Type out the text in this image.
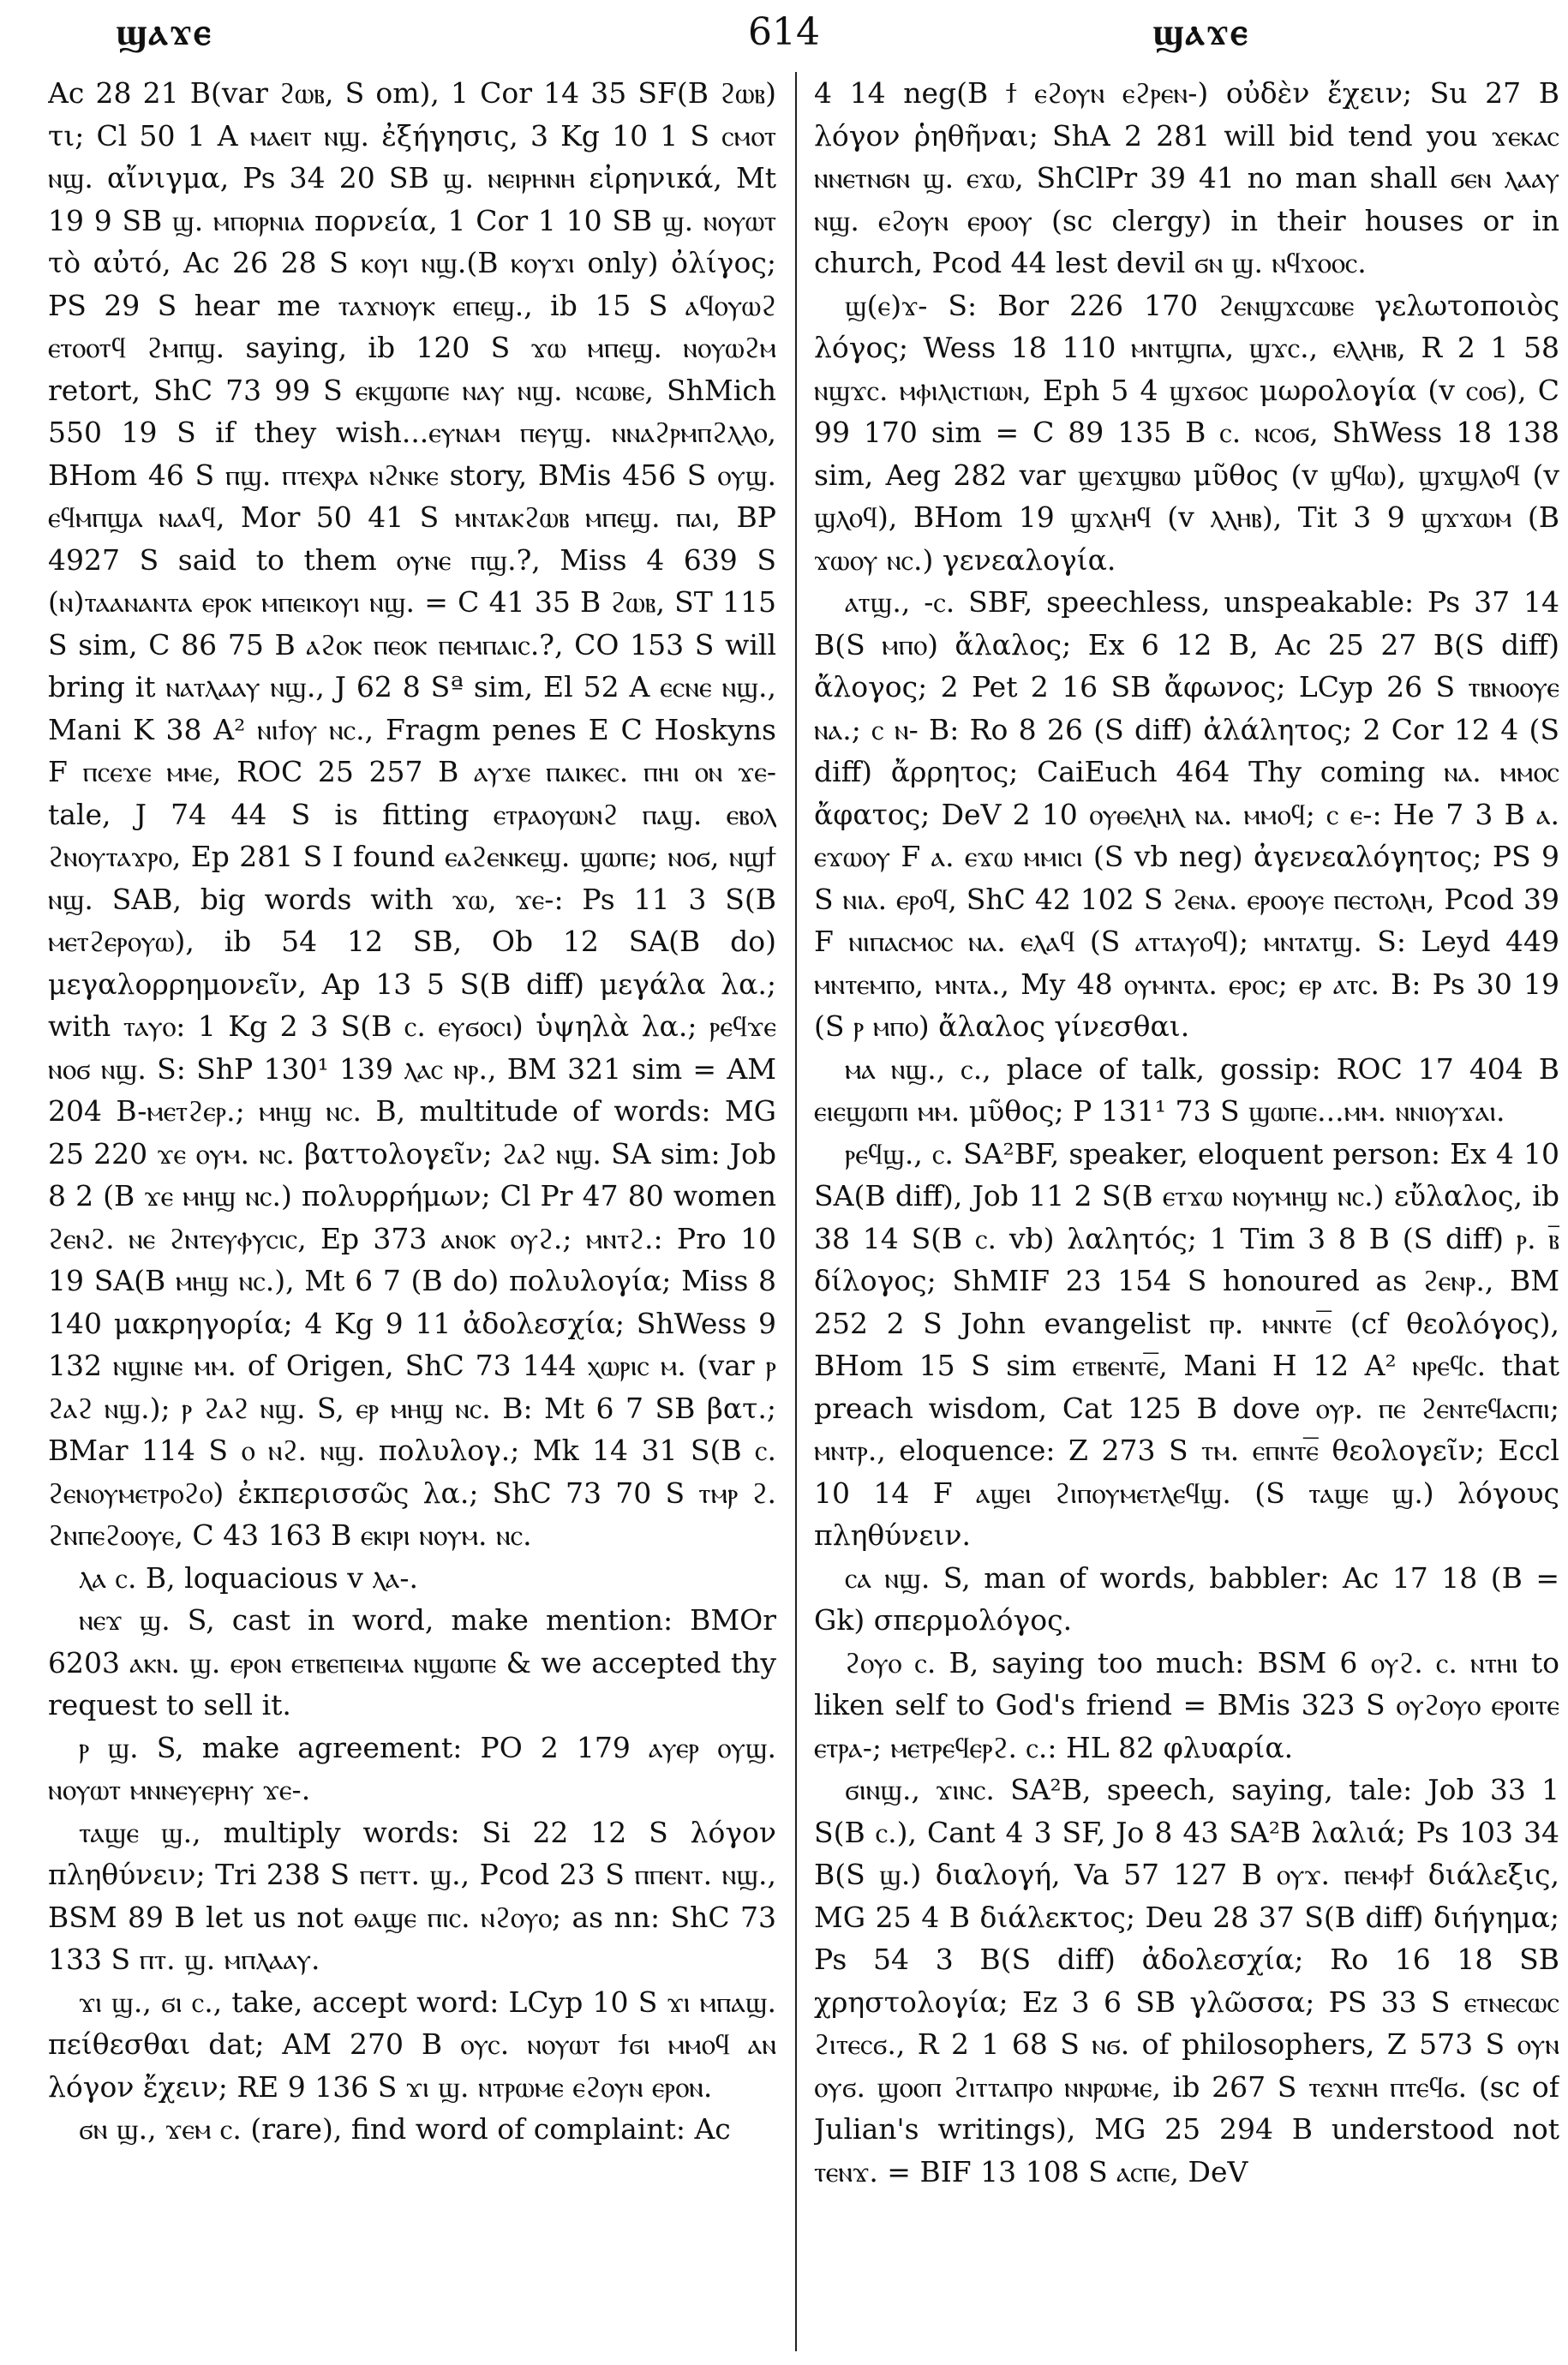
ϣⲁϫⲉ	614	ϣⲁϫⲉ

Ac 28 21 B(var ϩⲱⲃ, S om), 1 Cor 14 35 SF(B ϩⲱⲃ) τι; Cl 50 1 A ⲙⲁⲉⲓⲧ ⲛϣ. ἐξήγησις, 3 Kg 10 1 S ⲥⲙⲟⲧ ⲛϣ. αἴνιγμα, Ps 34 20 SB ϣ. ⲛⲉⲓⲣⲏⲛⲏ εἰρηνικά, Mt 19 9 SB ϣ. ⲙⲡⲟⲣⲛⲓⲁ πορνεία, 1 Cor 1 10 SB ϣ. ⲛⲟⲩⲱⲧ τὸ αὐτό, Ac 26 28 S ⲕⲟⲩⲓ ⲛϣ.(B ⲕⲟⲩϫⲓ only) ὀλίγος; PS 29 S hear me ⲧⲁϫⲛⲟⲩⲕ ⲉⲡⲉϣ., ib 15 S ⲁϥⲟⲩⲱϩ ⲉⲧⲟⲟⲧϥ ϩⲙⲡϣ. saying, ib 120 S ϫⲱ ⲙⲡⲉϣ. ⲛⲟⲩⲱϩⲙ retort, ShC 73 99 S ⲉⲕϣⲱⲡⲉ ⲛⲁⲩ ⲛϣ. ⲛⲥⲱⲃⲉ, ShMich 550 19 S if they wish...ⲉⲩⲛⲁⲙ ⲡⲉⲩϣ. ⲛⲛⲁϩⲣⲙⲡϩⲗⲗⲟ, BHom 46 S ⲡϣ. ⲡⲧⲉⲭⲣⲁ ⲛϩⲛⲕⲉ story, BMis 456 S ⲟⲩϣ. ⲉϥⲙⲡϣⲁ ⲛⲁⲁϥ, Mor 50 41 S ⲙⲛⲧⲁⲕϩⲱⲃ ⲙⲡⲉϣ. ⲡⲁⲓ, BP 4927 S said to them ⲟⲩⲛⲉ ⲡϣ.?, Miss 4 639 S (ⲛ)ⲧⲁⲁⲛⲁⲛⲧⲁ ⲉⲣⲟⲕ ⲙⲡⲉⲓⲕⲟⲩⲓ ⲛϣ. = C 41 35 B ϩⲱⲃ, ST 115 S sim, C 86 75 B ⲁϩⲟⲕ ⲡⲉⲟⲕ ⲡⲉⲙⲡⲁⲓⲥ.?, CO 153 S will bring it ⲛⲁⲧⲗⲁⲁⲩ ⲛϣ., J 62 8 Sª sim, El 52 A ⲉⲥⲛⲉ ⲛϣ., Mani K 38 A² ⲛⲓϯⲟⲩ ⲛⲥ., Fragm penes E C Hoskyns F ⲡⲥⲉϫⲉ ⲙⲙⲉ, ROC 25 257 B ⲁⲩϫⲉ ⲡⲁⲓⲕⲉⲥ. ⲡⲏⲓ ⲟⲛ ϫⲉ- tale, J 74 44 S is fitting ⲉⲧⲣⲁⲟⲩⲱⲛϩ ⲡⲁϣ. ⲉⲃⲟⲗ ϩⲛⲟⲩⲧⲁϫⲣⲟ, Ep 281 S I found ⲉⲁϩⲉⲛⲕⲉϣ. ϣⲱⲡⲉ; ⲛⲟϭ, ⲛϣϯ ⲛϣ. SAB, big words with ϫⲱ, ϫⲉ-: Ps 11 3 S(B ⲙⲉⲧϩⲉⲣⲟⲩⲱ), ib 54 12 SB, Ob 12 SA(B do) μεγαλορρημονεῖν, Ap 13 5 S(B diff) μεγάλα λα.; with ⲧⲁⲩⲟ: 1 Kg 2 3 S(B ⲥ. ⲉⲩϭⲟⲥⲓ) ὑψηλὰ λα.; ⲣⲉϥϫⲉ ⲛⲟϭ ⲛϣ. S: ShP 130¹ 139 ⲗⲁⲥ ⲛⲣ., BM 321 sim = AM 204 B-ⲙⲉⲧϩⲉⲣ.; ⲙⲏϣ ⲛⲥ. B, multitude of words: MG 25 220 ϫⲉ ⲟⲩⲙ. ⲛⲥ. βαττολογεῖν; ϩⲁϩ ⲛϣ. SA sim: Job 8 2 (B ϫⲉ ⲙⲏϣ ⲛⲥ.) πολυρρήμων; Cl Pr 47 80 women ϩⲉⲛϩ. ⲛⲉ ϩⲛⲧⲉⲩⲫⲩⲥⲓⲥ, Ep 373 ⲁⲛⲟⲕ ⲟⲩϩ.; ⲙⲛⲧϩ.: Pro 10 19 SA(B ⲙⲏϣ ⲛⲥ.), Mt 6 7 (B do) πολυλογία; Miss 8 140 μακρηγορία; 4 Kg 9 11 ἀδολεσχία; ShWess 9 132 ⲛϣⲓⲛⲉ ⲙⲙ. of Origen, ShC 73 144 ⲭⲱⲣⲓⲥ ⲙ. (var ⲣ ϩⲁϩ ⲛϣ.); ⲣ ϩⲁϩ ⲛϣ. S, ⲉⲣ ⲙⲏϣ ⲛⲥ. B: Mt 6 7 SB βατ.; BMar 114 S ⲟ ⲛϩ. ⲛϣ. πολυλογ.; Mk 14 31 S(B ⲥ. ϩⲉⲛⲟⲩⲙⲉⲧⲣⲟϩⲟ) ἐκπερισσῶς λα.; ShC 73 70 S ⲧⲙⲣ ϩ. ϩⲛⲡⲉϩⲟⲟⲩⲉ, C 43 163 B ⲉⲕⲓⲣⲓ ⲛⲟⲩⲙ. ⲛⲥ.

ⲗⲁ ⲥ. B, loquacious v ⲗⲁ-.

ⲛⲉϫ ϣ. S, cast in word, make mention: BMOr 6203 ⲁⲕⲛ. ϣ. ⲉⲣⲟⲛ ⲉⲧⲃⲉⲡⲉⲓⲙⲁ ⲛϣⲱⲡⲉ & we accepted thy request to sell it.

ⲣ ϣ. S, make agreement: PO 2 179 ⲁⲩⲉⲣ ⲟⲩϣ. ⲛⲟⲩⲱⲧ ⲙⲛⲛⲉⲩⲉⲣⲏⲩ ϫⲉ-.

ⲧⲁϣⲉ ϣ., multiply words: Si 22 12 S λόγον πληθύνειν; Tri 238 S ⲡⲉⲧⲧ. ϣ., Pcod 23 S ⲡⲡⲉⲛⲧ. ⲛϣ., BSM 89 B let us not ⲑⲁϣⲉ ⲡⲓⲥ. ⲛϩⲟⲩⲟ; as nn: ShC 73 133 S ⲡⲧ. ϣ. ⲙⲡⲗⲁⲁⲩ.

ϫⲓ ϣ., ϭⲓ ⲥ., take, accept word: LCyp 10 S ϫⲓ ⲙⲡⲁϣ. πείθεσθαι dat; AM 270 B ⲟⲩⲥ. ⲛⲟⲩⲱⲧ ϯϭⲓ ⲙⲙⲟϥ ⲁⲛ λόγον ἔχειν; RE 9 136 S ϫⲓ ϣ. ⲛⲧⲣⲱⲙⲉ ⲉϩⲟⲩⲛ ⲉⲣⲟⲛ.

ϭⲛ ϣ., ϫⲉⲙ ⲥ. (rare), find word of complaint: Ac

4 14 neg(B ϯ ⲉϩⲟⲩⲛ ⲉϩⲣⲉⲛ-) οὐδὲν ἔχειν; Su 27 B λόγον ῥηθῆναι; ShA 2 281 will bid tend you ϫⲉⲕⲁⲥ ⲛⲛⲉⲧⲛϭⲛ ϣ. ⲉϫⲱ, ShClPr 39 41 no man shall ϭⲉⲛ ⲗⲁⲁⲩ ⲛϣ. ⲉϩⲟⲩⲛ ⲉⲣⲟⲟⲩ (sc clergy) in their houses or in church, Pcod 44 lest devil ϭⲛ ϣ. ⲛϥϫⲟⲟⲥ.

ϣ(ⲉ)ϫ- S: Bor 226 170 ϩⲉⲛϣϫⲥⲱⲃⲉ γελωτοποιὸς λόγος; Wess 18 110 ⲙⲛⲧϣⲡⲁ, ϣϫⲥ., ⲉⲗⲗⲏⲃ, R 2 1 58 ⲛϣϫⲥ. ⲙⲫⲓⲗⲓⲥⲧⲓⲱⲛ, Eph 5 4 ϣϫϭⲟⲥ μωρολογία (v ⲥⲟϭ), C 99 170 sim = C 89 135 B ⲥ. ⲛⲥⲟϭ, ShWess 18 138 sim, Aeg 282 var ϣⲉϫϣⲃⲱ μῦθος (v ϣϥⲱ), ϣϫϣⲗⲟϥ (v ϣⲗⲟϥ), BHom 19 ϣϫⲗⲏϥ (v ⲗⲗⲏⲃ), Tit 3 9 ϣϫϫⲱⲙ (B ϫⲱⲟⲩ ⲛⲥ.) γενεαλογία.

ⲁⲧϣ., -ⲥ. SBF, speechless, unspeakable: Ps 37 14 B(S ⲙⲡⲟ) ἄλαλος; Ex 6 12 B, Ac 25 27 B(S diff) ἄλογος; 2 Pet 2 16 SB ἄφωνος; LCyp 26 S ⲧⲃⲛⲟⲟⲩⲉ ⲛⲁ.; ⲥ ⲛ- B: Ro 8 26 (S diff) ἀλάλητος; 2 Cor 12 4 (S diff) ἄρρητος; CaiEuch 464 Thy coming ⲛⲁ. ⲙⲙⲟⲥ ἄφατος; DeV 2 10 ⲟⲩⲑⲉⲗⲏⲗ ⲛⲁ. ⲙⲙⲟϥ; ⲥ ⲉ-: He 7 3 B ⲁ. ⲉϫⲱⲟⲩ F ⲁ. ⲉϫⲱ ⲙⲙⲓⲥⲓ (S vb neg) ἀγενεαλόγητος; PS 9 S ⲛⲓⲁ. ⲉⲣⲟϥ, ShC 42 102 S ϩⲉⲛⲁ. ⲉⲣⲟⲟⲩⲉ ⲡⲉⲥⲧⲟⲗⲏ, Pcod 39 F ⲛⲓⲡⲁⲥⲙⲟⲥ ⲛⲁ. ⲉⲗⲁϥ (S ⲁⲧⲧⲁⲩⲟϥ); ⲙⲛⲧⲁⲧϣ. S: Leyd 449 ⲙⲛⲧⲉⲙⲡⲟ, ⲙⲛⲧⲁ., My 48 ⲟⲩⲙⲛⲧⲁ. ⲉⲣⲟⲥ; ⲉⲣ ⲁⲧⲥ. B: Ps 30 19 (S ⲣ ⲙⲡⲟ) ἄλαλος γίνεσθαι.

ⲙⲁ ⲛϣ., ⲥ., place of talk, gossip: ROC 17 404 B ⲉⲓⲉϣⲱⲡⲓ ⲙⲙ. μῦθος; P 131¹ 73 S ϣⲱⲡⲉ...ⲙⲙ. ⲛⲛⲓⲟⲩϫⲁⲓ.

ⲣⲉϥϣ., ⲥ. SA²BF, speaker, eloquent person: Ex 4 10 SA(B diff), Job 11 2 S(B ⲉⲧϫⲱ ⲛⲟⲩⲙⲏϣ ⲛⲥ.) εὔλαλος, ib 38 14 S(B ⲥ. vb) λαλητός; 1 Tim 3 8 B (S diff) ⲣ. ⲃ̅ δίλογος; ShMIF 23 154 S honoured as ϩⲉⲛⲣ., BM 252 2 S John evangelist ⲡⲣ. ⲙⲛⲛⲧⲉ̅ (cf θεολόγος), BHom 15 S sim ⲉⲧⲃⲉⲛⲧⲉ̅, Mani H 12 A² ⲛⲣⲉϥⲥ. that preach wisdom, Cat 125 B dove ⲟⲩⲣ. ⲡⲉ ϩⲉⲛⲧⲉϥⲁⲥⲡⲓ; ⲙⲛⲧⲣ., eloquence: Z 273 S ⲧⲙ. ⲉⲡⲛⲧⲉ̅ θεολογεῖν; Eccl 10 14 F ⲁϣⲉⲓ ϩⲓⲡⲟⲩⲙⲉⲧⲗⲉϥϣ. (S ⲧⲁϣⲉ ϣ.) λόγους πληθύνειν.

ⲥⲁ ⲛϣ. S, man of words, babbler: Ac 17 18 (B = Gk) σπερμολόγος.

ϩⲟⲩⲟ ⲥ. B, saying too much: BSM 6 ⲟⲩϩ. ⲥ. ⲛⲧⲏⲓ to liken self to God's friend = BMis 323 S ⲟⲩϩⲟⲩⲟ ⲉⲣⲟⲓⲧⲉ ⲉⲧⲣⲁ-; ⲙⲉⲧⲣⲉϥⲉⲣϩ. ⲥ.: HL 82 φλυαρία.

ϭⲓⲛϣ., ϫⲓⲛⲥ. SA²B, speech, saying, tale: Job 33 1 S(B ⲥ.), Cant 4 3 SF, Jo 8 43 SA²B λαλιά; Ps 103 34 B(S ϣ.) διαλογή, Va 57 127 B ⲟⲩϫ. ⲡⲉⲙⲫϯ διάλεξις, MG 25 4 B διάλεκτος; Deu 28 37 S(B diff) διήγημα; Ps 54 3 B(S diff) ἀδολεσχία; Ro 16 18 SB χρηστολογία; Ez 3 6 SB γλῶσσα; PS 33 S ⲉⲧⲛⲉⲥⲱⲥ ϩⲓⲧⲉⲥϭ., R 2 1 68 S ⲛϭ. of philosophers, Z 573 S ⲟⲩⲛ ⲟⲩϭ. ϣⲟⲟⲡ ϩⲓⲧⲧⲁⲡⲣⲟ ⲛⲛⲣⲱⲙⲉ, ib 267 S ⲧⲉϫⲛⲏ ⲡⲧⲉϥϭ. (sc of Julian's writings), MG 25 294 B understood not ⲧⲉⲛϫ. = BIF 13 108 S ⲁⲥⲡⲉ, DeV
